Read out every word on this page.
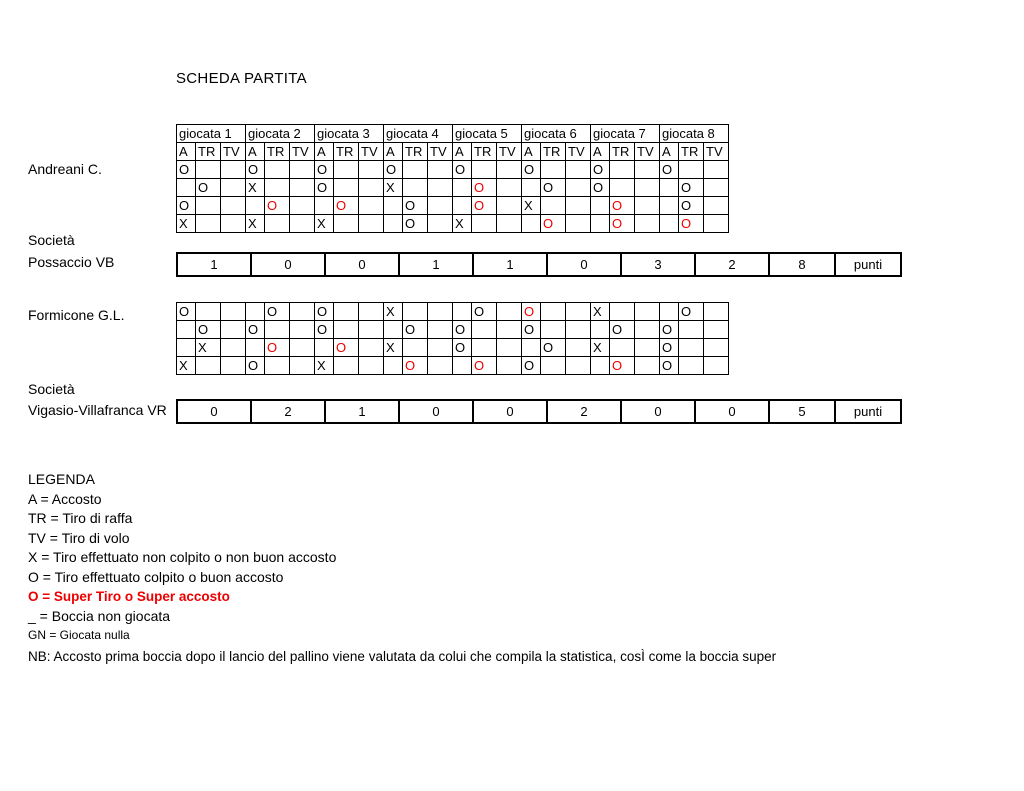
SCHEDA PARTITA
Andreani C.
Società
Possaccio VB
giocata 1			giocata 2			giocata 3			giocata 4			giocata 5			giocata 6			giocata 7			giocata 8		
A	TR	TV	A	TR	TV	A	TR	TV	A	TR	TV	A	TR	TV	A	TR	TV	A	TR	TV	A	TR	TV
O			O			O			O			O			O			O			O		
	O		X			O			X				O			O		O				O	
O				O			O			O			O		X				O			O	
X			X			X				O		X				O			O			O	
1	0	0	1	1	0	3	2	8	punti
Formicone G.L.
Società
Vigasio-Villafranca VR
O				O		O			X				O		O			X				O	
	O		O			O				O		O			O				O		O		
	X			O			O		X			O				O		X			O		
X			O			X				O			O		O				O		O		
0	2	1	0	0	2	0	0	5	punti
LEGENDA
A = Accosto
TR = Tiro di raffa
TV = Tiro di volo
X = Tiro effettuato non colpito o non buon accosto
O = Tiro effettuato colpito o buon accosto
O = Super Tiro o Super accosto
_ = Boccia non giocata
GN = Giocata nulla
NB: Accosto prima boccia dopo il lancio del pallino viene valutata da colui che compila la statistica, cosÌ come la boccia super
